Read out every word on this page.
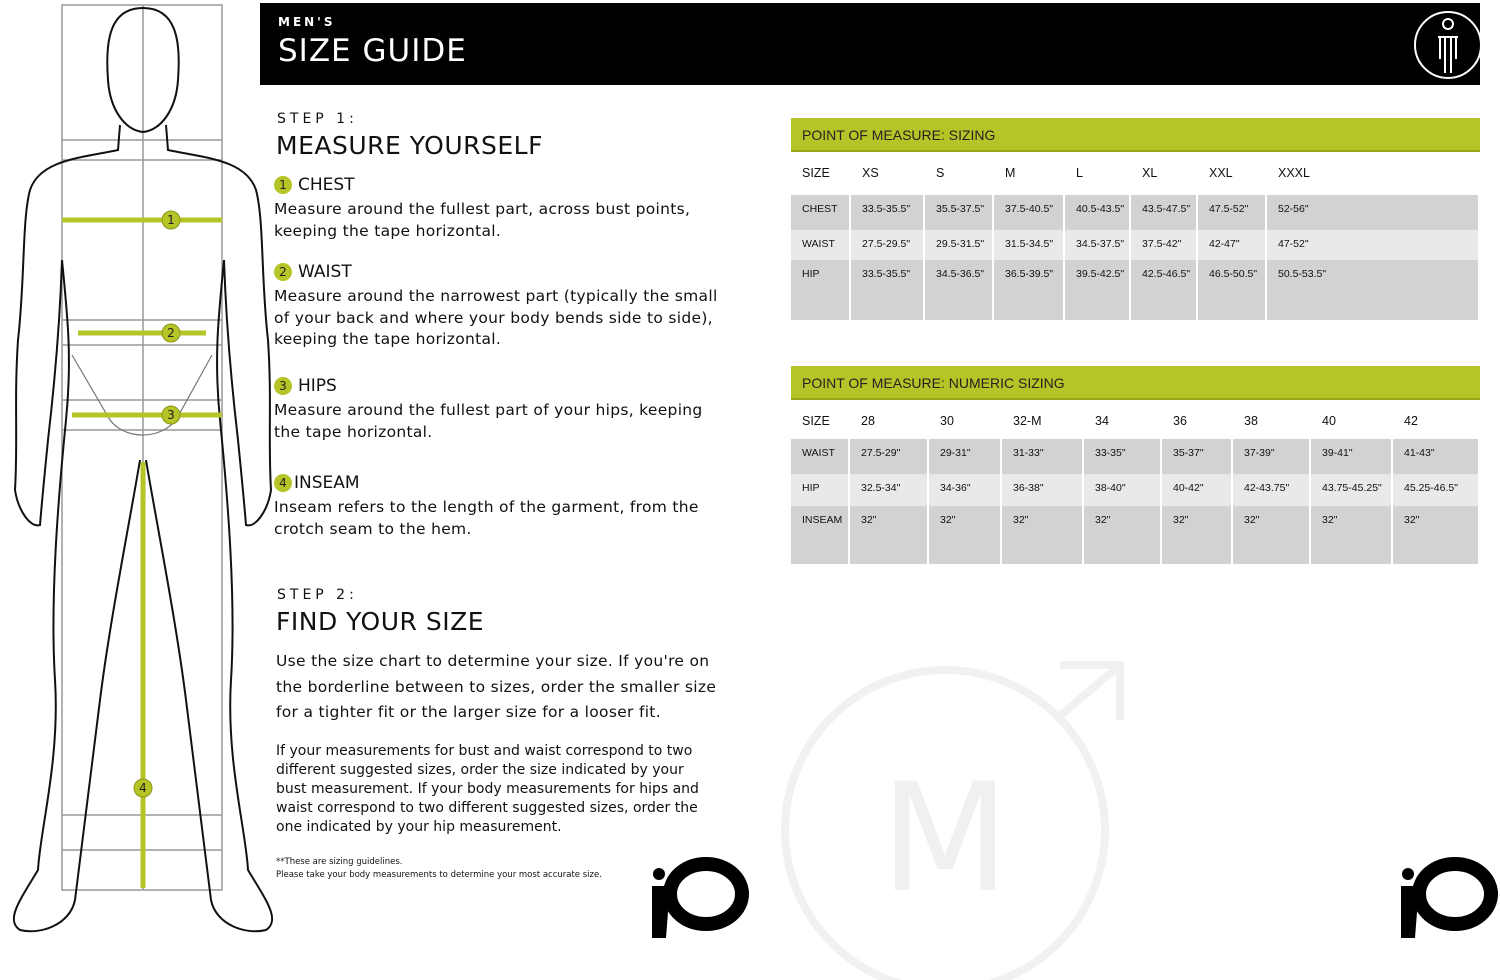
1
2
3
4
MEN'S
SIZE GUIDE
STEP 1:
MEASURE YOURSELF
1 CHEST
Measure around the fullest part, across bust points, keeping the tape horizontal.
2 WAIST
Measure around the narrowest part (typically the small of your back and where your body bends side to side), keeping the tape horizontal.
3 HIPS
Measure around the fullest part of your hips, keeping the tape horizontal.
4 INSEAM
Inseam refers to the length of the garment, from the crotch seam to the hem.
STEP 2:
FIND YOUR SIZE
Use the size chart to determine your size. If you're on the borderline between to sizes, order the smaller size for a tighter fit or the larger size for a looser fit.
If your measurements for bust and waist correspond to two different suggested sizes, order the size indicated by your bust measurement. If your body measurements for hips and waist correspond to two different suggested sizes, order the one indicated by your hip measurement.
**These are sizing guidelines.
Please take your body measurements to determine your most accurate size. M
POINT OF MEASURE: SIZING
SIZE	XS	S	M	L	XL	XXL	XXXL
CHEST	33.5-35.5"	35.5-37.5"	37.5-40.5"	40.5-43.5"	43.5-47.5"	47.5-52"	52-56"
WAIST	27.5-29.5"	29.5-31.5"	31.5-34.5"	34.5-37.5"	37.5-42"	42-47"	47-52"
HIP	33.5-35.5"	34.5-36.5"	36.5-39.5"	39.5-42.5"	42.5-46.5"	46.5-50.5"	50.5-53.5"
POINT OF MEASURE: NUMERIC SIZING
SIZE	28	30	32-M	34	36	38	40	42
WAIST	27.5-29"	29-31"	31-33"	33-35"	35-37"	37-39"	39-41"	41-43"
HIP	32.5-34"	34-36"	36-38"	38-40"	40-42"	42-43.75"	43.75-45.25"	45.25-46.5"
INSEAM	32"	32"	32"	32"	32"	32"	32"	32"
